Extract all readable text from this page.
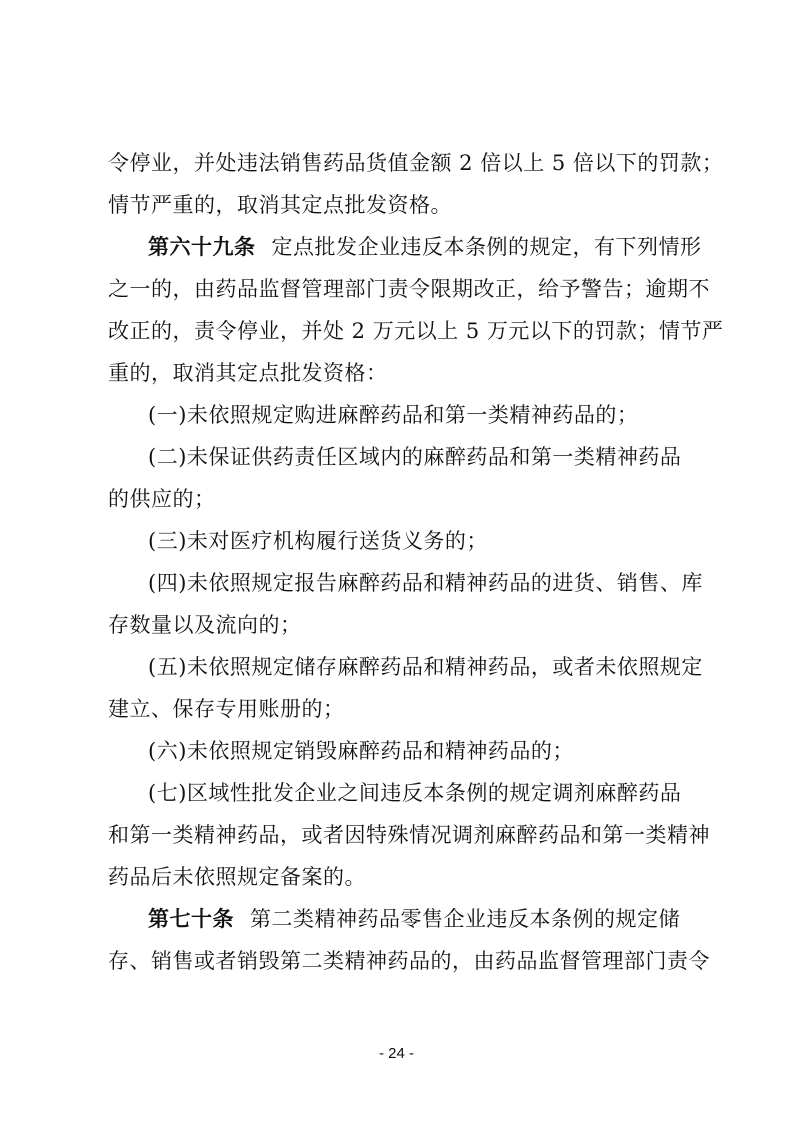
令停业，并处违法销售药品货值金额 2 倍以上 5 倍以下的罚款；
情节严重的，取消其定点批发资格。
第六十九条 定点批发企业违反本条例的规定，有下列情形
之一的，由药品监督管理部门责令限期改正，给予警告；逾期不
改正的，责令停业，并处 2 万元以上 5 万元以下的罚款；情节严
重的，取消其定点批发资格：
(一)未依照规定购进麻醉药品和第一类精神药品的；
(二)未保证供药责任区域内的麻醉药品和第一类精神药品
的供应的；
(三)未对医疗机构履行送货义务的；
(四)未依照规定报告麻醉药品和精神药品的进货、销售、库
存数量以及流向的；
(五)未依照规定储存麻醉药品和精神药品，或者未依照规定
建立、保存专用账册的；
(六)未依照规定销毁麻醉药品和精神药品的；
(七)区域性批发企业之间违反本条例的规定调剂麻醉药品
和第一类精神药品，或者因特殊情况调剂麻醉药品和第一类精神
药品后未依照规定备案的。
第七十条 第二类精神药品零售企业违反本条例的规定储
存、销售或者销毁第二类精神药品的，由药品监督管理部门责令
- 24 -
